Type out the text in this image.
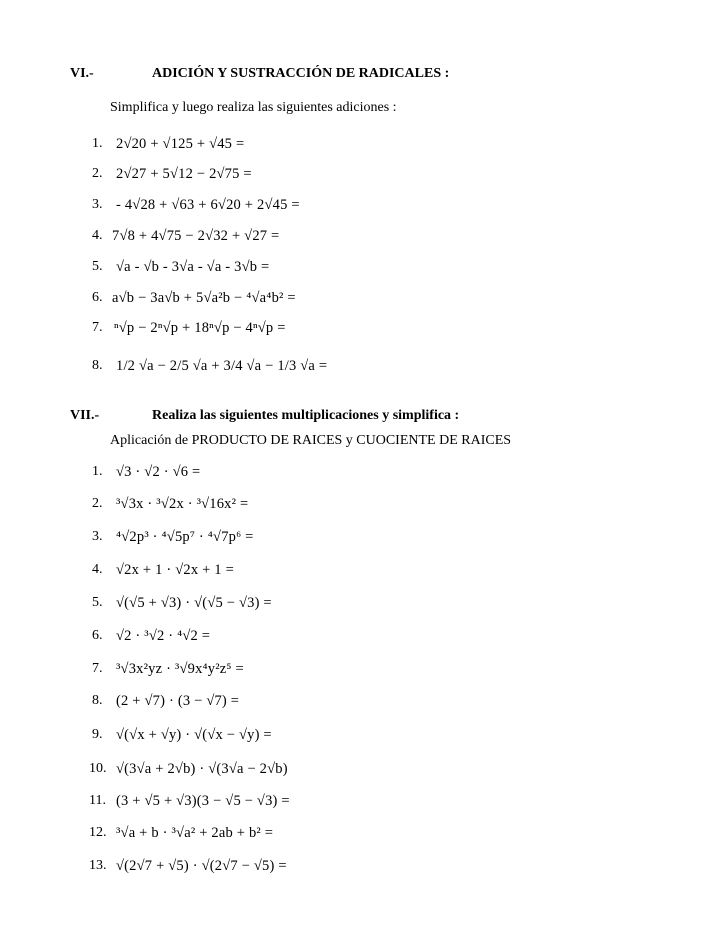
VI.-	ADICIÓN Y SUSTRACCIÓN DE RADICALES :
Simplifica y luego realiza las siguientes adiciones :
1. 2√20 + √125 + √45 =
2. 2√27 + 5√12 − 2√75 =
3. - 4√28 + √63 + 6√20 + 2√45 =
4. 7√8 + 4√75 − 2√32 + √27 =
5. √a - √b - 3√a - √a - 3√b =
6. a√b − 3a√b + 5√a²b − ⁴√a⁴b² =
7. ⁿ√p − 2ⁿ√p + 18ⁿ√p − 4ⁿ√p =
8. 1/2 √a − 2/5 √a + 3/4 √a − 1/3 √a =
VII.-	Realiza las siguientes multiplicaciones y simplifica :
Aplicación de PRODUCTO DE RAICES y CUOCIENTE DE RAICES
1. √3 · √2 · √6 =
2. ³√3x · ³√2x · ³√16x² =
3. ⁴√2p³ · ⁴√5p⁷ · ⁴√7p⁶ =
4. √2x + 1 · √2x + 1 =
5. √(√5 + √3) · √(√5 − √3) =
6. √2 · ³√2 · ⁴√2 =
7. ³√3x²yz · ³√9x⁴y²z⁵ =
8. (2 + √7) · (3 − √7) =
9. √(√x + √y) · √(√x − √y) =
10. √(3√a + 2√b) · √(3√a − 2√b)
11. (3 + √5 + √3)(3 − √5 − √3) =
12. ³√a + b · ³√a² + 2ab + b² =
13. √(2√7 + √5) · √(2√7 − √5) =
